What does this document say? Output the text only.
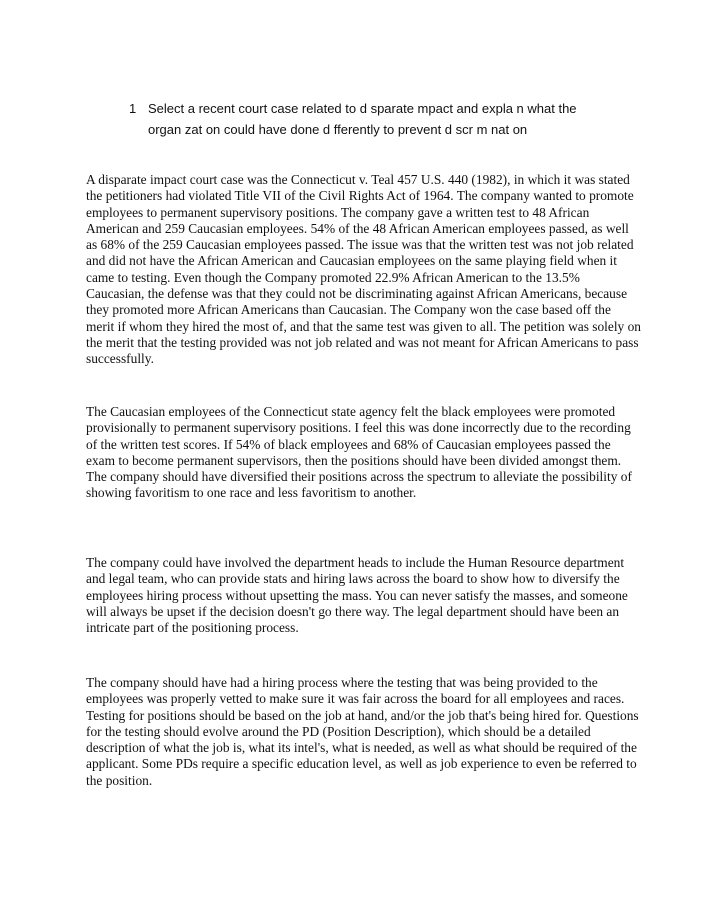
1 Select a recent court case related to d sparate mpact and expla n what the organ zat on could have done d fferently to prevent d scr m nat on

A disparate impact court case was the Connecticut v. Teal 457 U.S. 440 (1982), in which it was stated the petitioners had violated Title VII of the Civil Rights Act of 1964. The company wanted to promote employees to permanent supervisory positions. The company gave a written test to 48 African American and 259 Caucasian employees. 54% of the 48 African American employees passed, as well as 68% of the 259 Caucasian employees passed. The issue was that the written test was not job related and did not have the African American and Caucasian employees on the same playing field when it came to testing. Even though the Company promoted 22.9% African American to the 13.5% Caucasian, the defense was that they could not be discriminating against African Americans, because they promoted more African Americans than Caucasian. The Company won the case based off the merit if whom they hired the most of, and that the same test was given to all. The petition was solely on the merit that the testing provided was not job related and was not meant for African Americans to pass successfully.

The Caucasian employees of the Connecticut state agency felt the black employees were promoted provisionally to permanent supervisory positions. I feel this was done incorrectly due to the recording of the written test scores. If 54% of black employees and 68% of Caucasian employees passed the exam to become permanent supervisors, then the positions should have been divided amongst them. The company should have diversified their positions across the spectrum to alleviate the possibility of showing favoritism to one race and less favoritism to another.

The company could have involved the department heads to include the Human Resource department and legal team, who can provide stats and hiring laws across the board to show how to diversify the employees hiring process without upsetting the mass. You can never satisfy the masses, and someone will always be upset if the decision doesn't go there way. The legal department should have been an intricate part of the positioning process.

The company should have had a hiring process where the testing that was being provided to the employees was properly vetted to make sure it was fair across the board for all employees and races. Testing for positions should be based on the job at hand, and/or the job that's being hired for. Questions for the testing should evolve around the PD (Position Description), which should be a detailed description of what the job is, what its intel's, what is needed, as well as what should be required of the applicant. Some PDs require a specific education level, as well as job experience to even be referred to the position.
